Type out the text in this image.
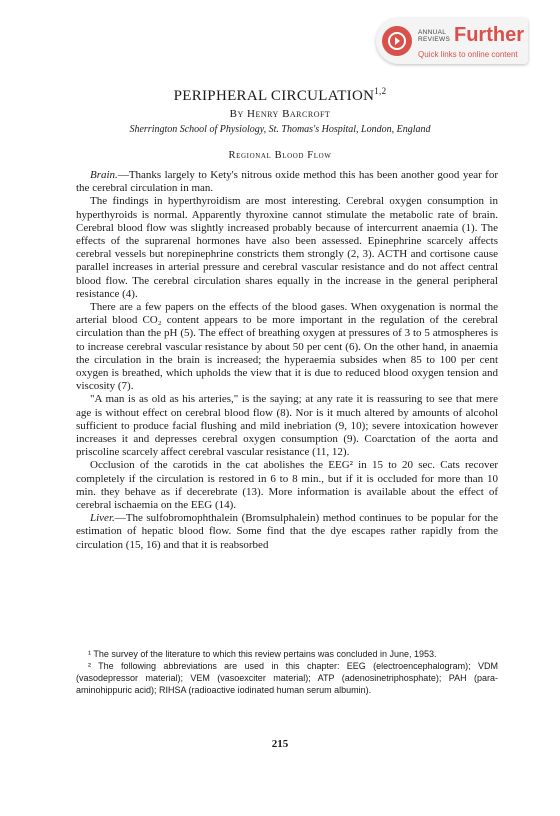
ANNUAL
REVIEWS Further
Quick links to online content
PERIPHERAL CIRCULATION$^{1,2}$
By Henry Barcroft
Sherrington School of Physiology, St. Thomas's Hospital, London, England
Regional Blood Flow

Brain.—Thanks largely to Kety's nitrous oxide method this has been another good year for the cerebral circulation in man.

The findings in hyperthyroidism are most interesting. Cerebral oxygen consumption in hyperthyroids is normal. Apparently thyroxine cannot stimulate the metabolic rate of brain. Cerebral blood flow was slightly increased probably because of intercurrent anaemia (1). The effects of the suprarenal hormones have also been assessed. Epinephrine scarcely affects cerebral vessels but norepinephrine constricts them strongly (2, 3). ACTH and cortisone cause parallel increases in arterial pressure and cerebral vascular resistance and do not affect central blood flow. The cerebral circulation shares equally in the increase in the general peripheral resistance (4).

There are a few papers on the effects of the blood gases. When oxygenation is normal the arterial blood CO₂ content appears to be more important in the regulation of the cerebral circulation than the pH (5). The effect of breathing oxygen at pressures of 3 to 5 atmospheres is to increase cerebral vascular resistance by about 50 per cent (6). On the other hand, in anaemia the circulation in the brain is increased; the hyperaemia subsides when 85 to 100 per cent oxygen is breathed, which upholds the view that it is due to reduced blood oxygen tension and viscosity (7).

"A man is as old as his arteries," is the saying; at any rate it is reassuring to see that mere age is without effect on cerebral blood flow (8). Nor is it much altered by amounts of alcohol sufficient to produce facial flushing and mild inebriation (9, 10); severe intoxication however increases it and depresses cerebral oxygen consumption (9). Coarctation of the aorta and priscoline scarcely affect cerebral vascular resistance (11, 12).

Occlusion of the carotids in the cat abolishes the EEG² in 15 to 20 sec. Cats recover completely if the circulation is restored in 6 to 8 min., but if it is occluded for more than 10 min. they behave as if decerebrate (13). More information is available about the effect of cerebral ischaemia on the EEG (14).

Liver.—The sulfobromophthalein (Bromsulphalein) method continues to be popular for the estimation of hepatic blood flow. Some find that the dye escapes rather rapidly from the circulation (15, 16) and that it is reabsorbed

¹ The survey of the literature to which this review pertains was concluded in June, 1953.

² The following abbreviations are used in this chapter: EEG (electroencephalogram); VDM (vasodepressor material); VEM (vasoexciter material); ATP (adenosinetriphosphate); PAH (para-aminohippuric acid); RIHSA (radioactive iodinated human serum albumin).

215
